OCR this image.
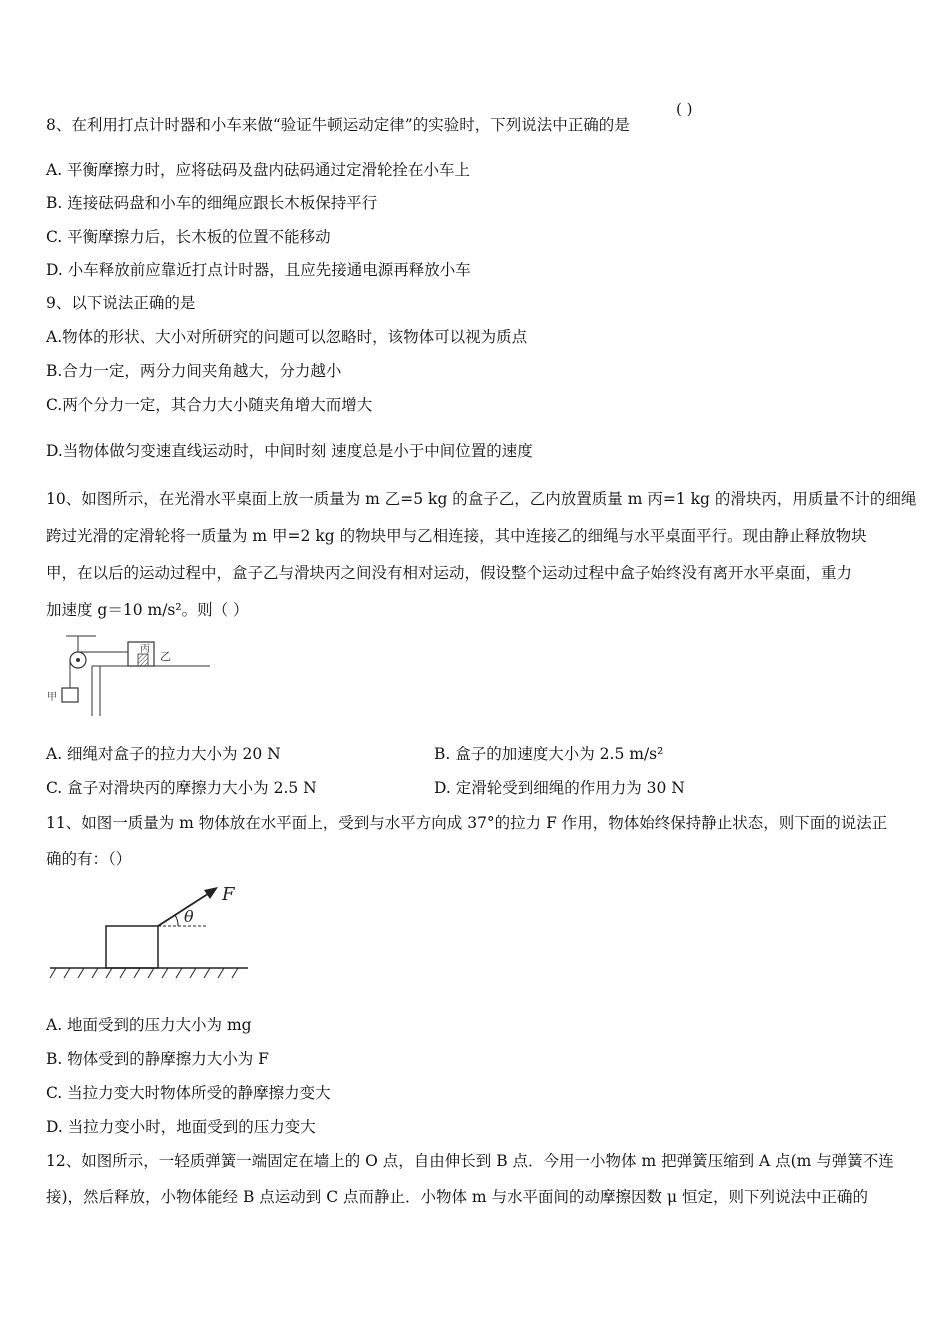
8、在利用打点计时器和小车来做“验证牛顿运动定律”的实验时，下列说法中正确的是
( )
A. 平衡摩擦力时，应将砝码及盘内砝码通过定滑轮拴在小车上
B. 连接砝码盘和小车的细绳应跟长木板保持平行
C. 平衡摩擦力后，长木板的位置不能移动
D. 小车释放前应靠近打点计时器，且应先接通电源再释放小车
9、以下说法正确的是
A.物体的形状、大小对所研究的问题可以忽略时，该物体可以视为质点
B.合力一定，两分力间夹角越大，分力越小
C.两个分力一定，其合力大小随夹角增大而增大
D.当物体做匀变速直线运动时，中间时刻 速度总是小于中间位置的速度
10、如图所示，在光滑水平桌面上放一质量为 m 乙=5 kg 的盒子乙，乙内放置质量 m 丙=1 kg 的滑块丙，用质量不计的细绳
跨过光滑的定滑轮将一质量为 m 甲=2 kg 的物块甲与乙相连接，其中连接乙的细绳与水平桌面平行。现由静止释放物块
甲，在以后的运动过程中，盒子乙与滑块丙之间没有相对运动，假设整个运动过程中盒子始终没有离开水平桌面，重力
加速度 g＝10 m/s²。则（ ）
丙
乙
甲
A. 细绳对盒子的拉力大小为 20 N	B. 盒子的加速度大小为 2.5 m/s²
C. 盒子对滑块丙的摩擦力大小为 2.5 N	D. 定滑轮受到细绳的作用力为 30 N
11、如图一质量为 m 物体放在水平面上，受到与水平方向成 37°的拉力 F 作用，物体始终保持静止状态，则下面的说法正
确的有：（）
F
θ
A. 地面受到的压力大小为 mg
B. 物体受到的静摩擦力大小为 F
C. 当拉力变大时物体所受的静摩擦力变大
D. 当拉力变小时，地面受到的压力变大
12、如图所示，一轻质弹簧一端固定在墙上的 O 点，自由伸长到 B 点．今用一小物体 m 把弹簧压缩到 A 点(m 与弹簧不连
接)，然后释放，小物体能经 B 点运动到 C 点而静止．小物体 m 与水平面间的动摩擦因数 μ 恒定，则下列说法中正确的
